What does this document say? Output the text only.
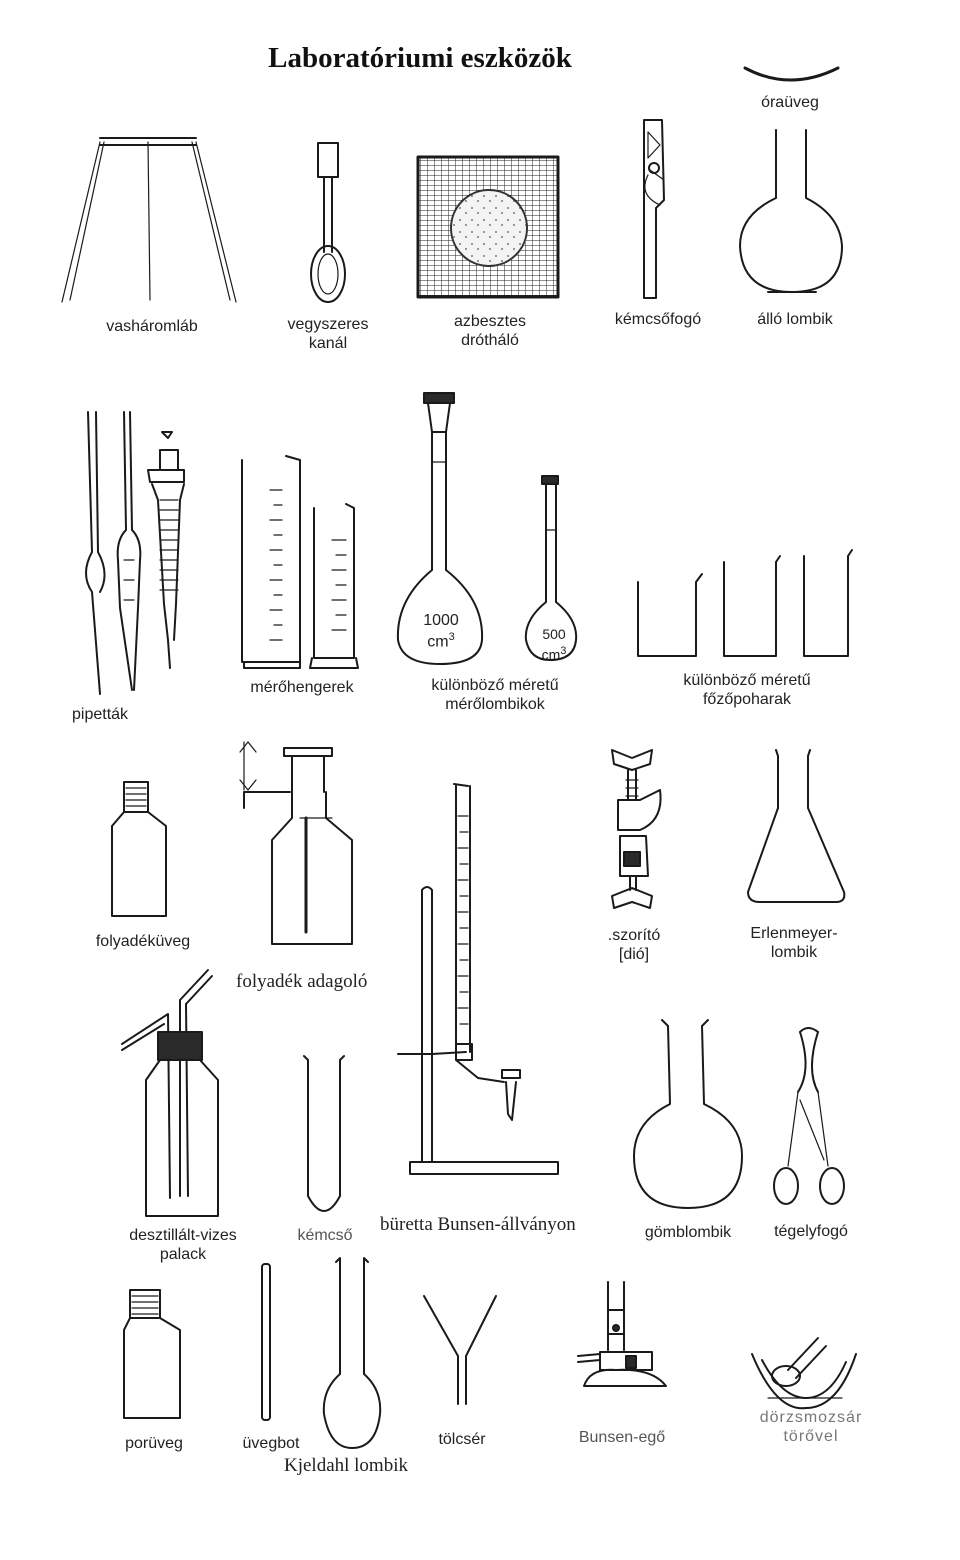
Laboratóriumi eszközök
óraüveg
vasháromláb	vegyszeres
kanál
azbesztes
drótháló
kémcsőfogó	álló lombik
pipetták
mérőhengerek	különböző méretű
mérőlombikok
különböző méretű
főzőpoharak
1000
$cm^3$	500
$cm^3$
folyadéküveg
folyadék adagoló
.szorító
[dió]
Erlenmeyer-
lombik
desztillált-vizes
palack
kémcső
büretta Bunsen-állványon	gömblombik	tégelyfogó
porüveg	üvegbot
Kjeldahl lombik
tölcsér	Bunsen-egő
dörzsmozsár
törővel
